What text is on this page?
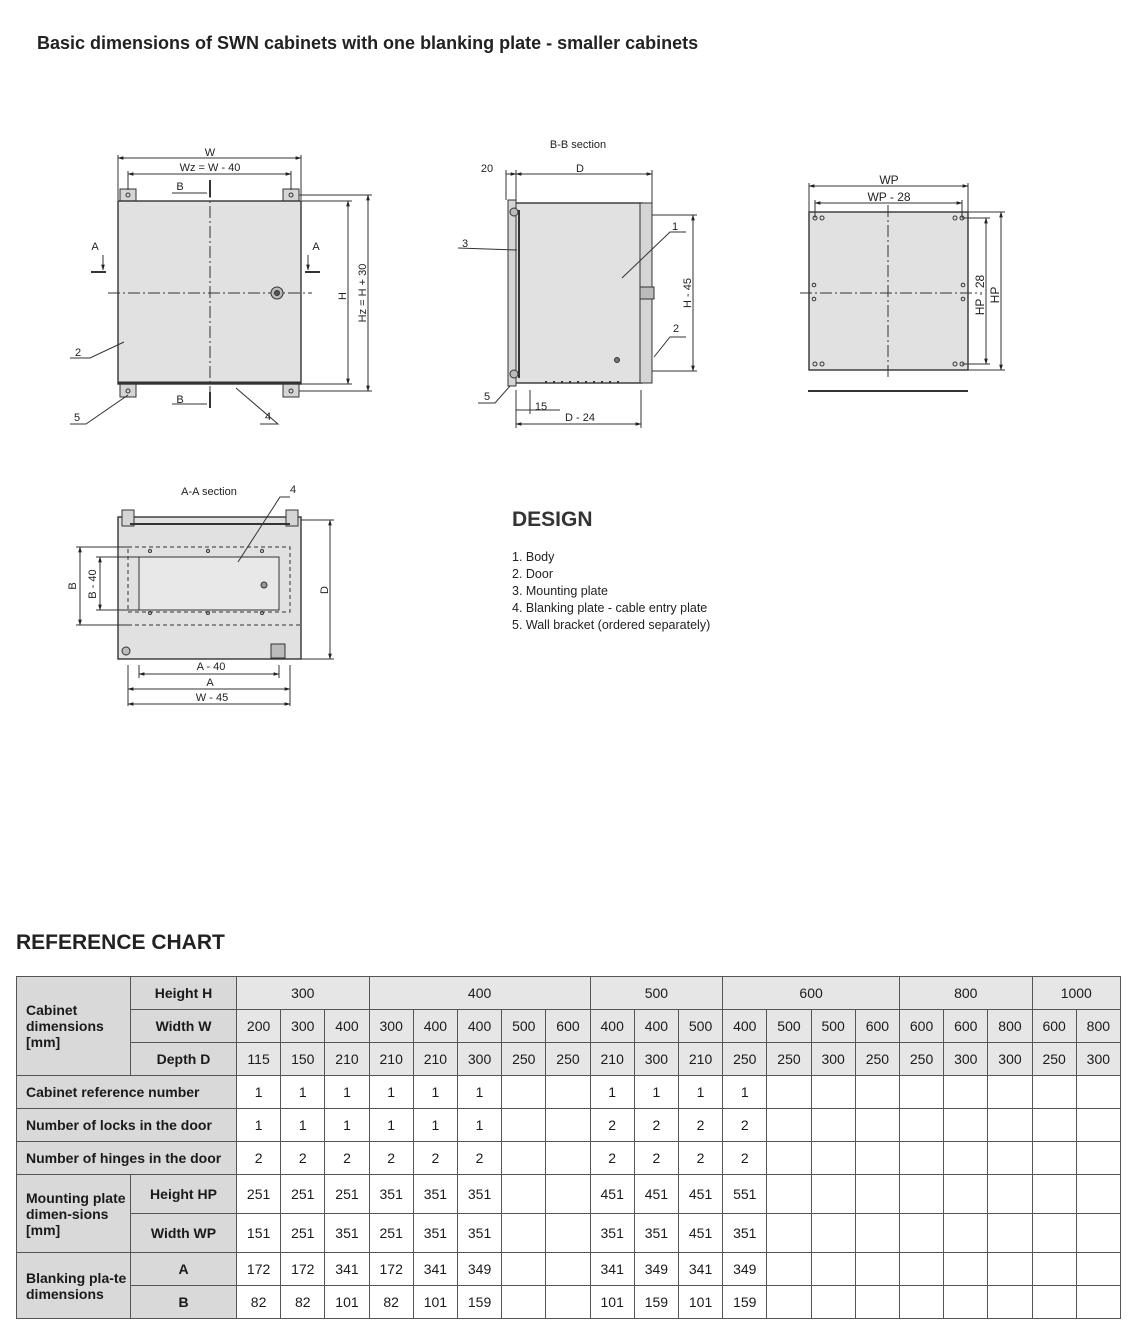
Basic dimensions of SWN cabinets with one blanking plate - smaller cabinets
W
Wz = W - 40
B
B
A	A
H Hz = H + 30
2
4
5
B-B section
20	D
1
3
2
H - 45
5
15
D - 24
WP
WP - 28
HP - 28 HP
A-A section	4
B B - 40	D
A - 40
A
W - 45
DESIGN
1. Body
2. Door
3. Mounting plate
4. Blanking plate - cable entry plate
5. Wall bracket (ordered separately)
REFERENCE CHART
Cabinet dimensions [mm]	Height H	300			400					500			600				800			1000	
	Width W	200	300	400	300	400	400	500	600	400	400	500	400	500	500	600	600	600	800	600	800
	Depth D	115	150	210	210	210	300	250	250	210	300	210	250	250	300	250	250	300	300	250	300
Cabinet reference number		1	1	1	1	1	1			1	1	1	1								
Number of locks in the door		1	1	1	1	1	1			2	2	2	2								
Number of hinges in the door		2	2	2	2	2	2			2	2	2	2								
Mounting plate dimen-sions [mm]	Height HP	251	251	251	351	351	351			451	451	451	551								
	Width WP	151	251	351	251	351	351			351	351	451	351								
Blanking pla-te dimensions	A	172	172	341	172	341	349			341	349	341	349								
	B	82	82	101	82	101	159			101	159	101	159								
